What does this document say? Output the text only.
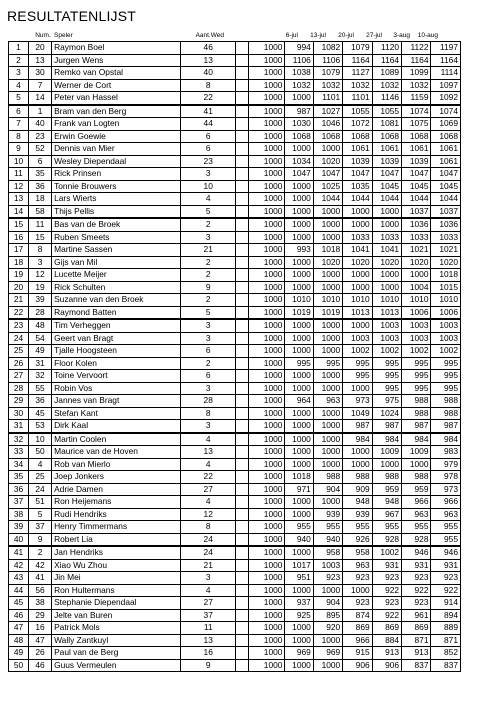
RESULTATENLIJST
Num. Speler	Aant.Wed	6-jul	13-jul	20-jul	27-jul	3-aug	10-aug
1	20	Raymon Boel	46		1000	994	1082	1079	1120	1122	1197
2	13	Jurgen Wens	13		1000	1106	1106	1164	1164	1164	1164
3	30	Remko van Opstal	40		1000	1038	1079	1127	1089	1099	1114
4	7	Werner de Cort	8		1000	1032	1032	1032	1032	1032	1097
5	14	Peter van Hassel	22		1000	1000	1101	1101	1146	1159	1092
6	1	Bram van den Berg	41		1000	987	1027	1055	1055	1074	1074
7	40	Frank van Logten	44		1000	1030	1046	1072	1081	1075	1069
8	23	Erwin Goewie	6		1000	1068	1068	1068	1068	1068	1068
9	52	Dennis van Mier	6		1000	1000	1000	1061	1061	1061	1061
10	6	Wesley Diependaal	23		1000	1034	1020	1039	1039	1039	1061
11	35	Rick Prinsen	3		1000	1047	1047	1047	1047	1047	1047
12	36	Tonnie Brouwers	10		1000	1000	1025	1035	1045	1045	1045
13	18	Lars Wierts	4		1000	1000	1044	1044	1044	1044	1044
14	58	Thijs Pellis	5		1000	1000	1000	1000	1000	1037	1037
15	11	Bas van de Broek	2		1000	1000	1000	1000	1000	1036	1036
16	15	Ruben Smeets	3		1000	1000	1000	1033	1033	1033	1033
17	8	Martine Sassen	21		1000	993	1018	1041	1041	1021	1021
18	3	Gijs van Mil	2		1000	1000	1020	1020	1020	1020	1020
19	12	Lucette Meijer	2		1000	1000	1000	1000	1000	1000	1018
20	19	Rick Schulten	9		1000	1000	1000	1000	1000	1004	1015
21	39	Suzanne van den Broek	2		1000	1010	1010	1010	1010	1010	1010
22	28	Raymond Batten	5		1000	1019	1019	1013	1013	1006	1006
23	48	Tim Verheggen	3		1000	1000	1000	1000	1003	1003	1003
24	54	Geert van Bragt	3		1000	1000	1000	1003	1003	1003	1003
25	49	Tjalle Hoogsteen	6		1000	1000	1000	1002	1002	1002	1002
26	31	Floor Kolen	2		1000	995	995	995	995	995	995
27	32	Toine Vervoort	6		1000	1000	1000	995	995	995	995
28	55	Robin Vos	3		1000	1000	1000	1000	995	995	995
29	36	Jannes van Bragt	28		1000	964	963	973	975	988	988
30	45	Stefan Kant	8		1000	1000	1000	1049	1024	988	988
31	53	Dirk Kaal	3		1000	1000	1000	987	987	987	987
32	10	Martin Coolen	4		1000	1000	1000	984	984	984	984
33	50	Maurice van de Hoven	13		1000	1000	1000	1000	1009	1009	983
34	4	Rob van Mierlo	4		1000	1000	1000	1000	1000	1000	979
35	25	Joep Jonkers	22		1000	1018	988	988	988	988	978
36	24	Adrie Damen	27		1000	971	904	909	959	959	973
37	51	Ron Heijemans	4		1000	1000	1000	948	948	966	966
38	5	Rudi Hendriks	12		1000	1000	939	939	967	963	963
39	37	Henry Timmermans	8		1000	955	955	955	955	955	955
40	9	Robert Lia	24		1000	940	940	926	928	928	955
41	2	Jan Hendriks	24		1000	1000	958	958	1002	946	946
42	42	Xiao Wu Zhou	21		1000	1017	1003	963	931	931	931
43	41	Jin Mei	3		1000	951	923	923	923	923	923
44	56	Ron Hultermans	4		1000	1000	1000	1000	922	922	922
45	38	Stephanie Diependaal	27		1000	937	904	923	923	923	914
46	29	Jelte van Buren	37		1000	925	895	874	922	961	894
47	16	Patrick Mols	11		1000	1000	920	869	869	869	889
48	47	Wally Zantkuyl	13		1000	1000	1000	966	884	871	871
49	26	Paul van de Berg	16		1000	969	969	915	913	913	852
50	46	Guus Vermeulen	9		1000	1000	1000	906	906	837	837
